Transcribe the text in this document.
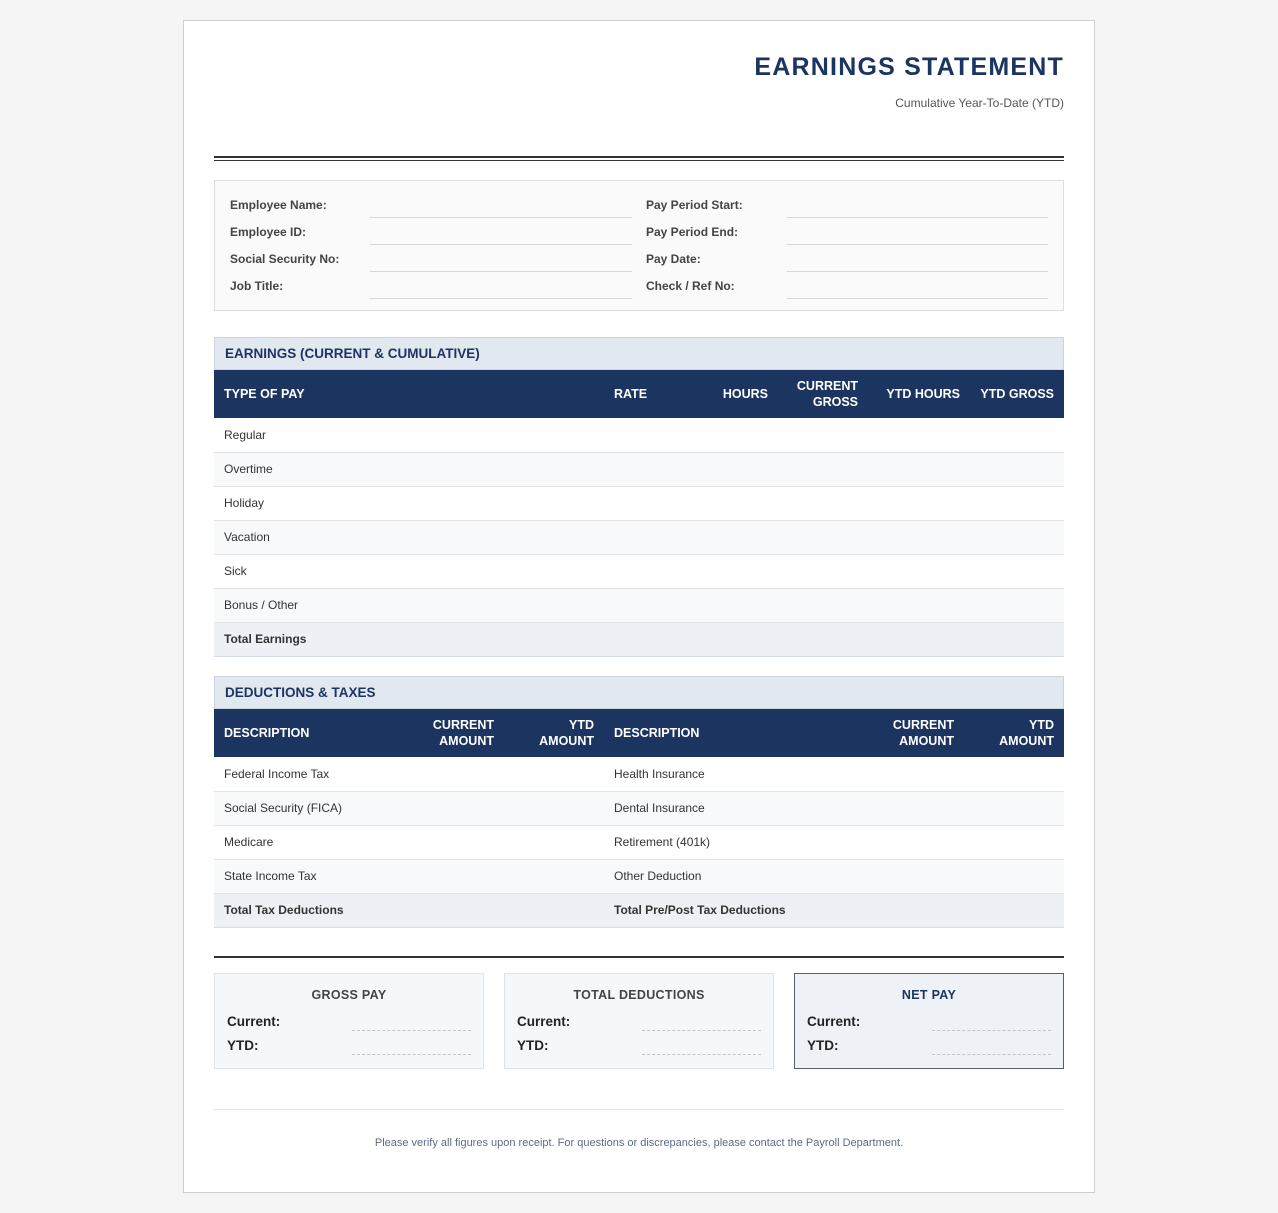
EARNINGS STATEMENT
Cumulative Year-To-Date (YTD)
Employee Name:
Employee ID:
Social Security No:
Job Title:
Pay Period Start:
Pay Period End:
Pay Date:
Check / Ref No:
EARNINGS (CURRENT & CUMULATIVE)
TYPE OF PAY	RATE	HOURS	CURRENT GROSS	YTD HOURS	YTD GROSS
Regular					
Overtime					
Holiday					
Vacation					
Sick					
Bonus / Other					
Total Earnings					
DEDUCTIONS & TAXES
DESCRIPTION	CURRENT AMOUNT	YTD AMOUNT	DESCRIPTION	CURRENT AMOUNT	YTD AMOUNT
Federal Income Tax			Health Insurance		
Social Security (FICA)			Dental Insurance		
Medicare			Retirement (401k)		
State Income Tax			Other Deduction		
Total Tax Deductions			Total Pre/Post Tax Deductions		
GROSS PAY
Current:
YTD:
TOTAL DEDUCTIONS
Current:
YTD:
NET PAY
Current:
YTD:
Please verify all figures upon receipt. For questions or discrepancies, please contact the Payroll Department.
